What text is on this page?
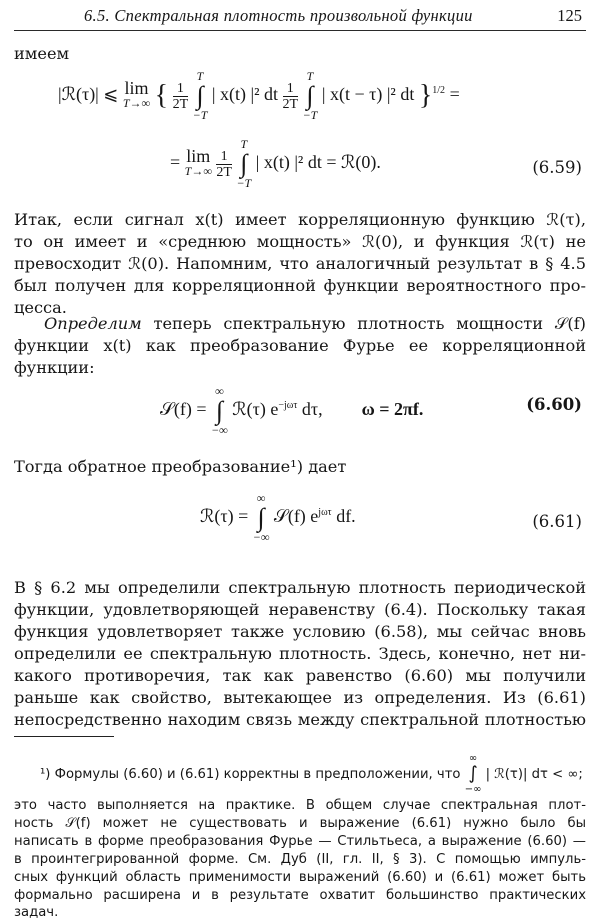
6.5. Спектральная плотность произвольной функции	125
имеем
|ℛ(τ)| ⩽ lim
T→∞ { $\frac{1}{2T}$
T
∫
−T | x(t) |² dt $\frac{1}{2T}$
T
∫
−T | x(t − τ) |² dt }$^{1/2}$ =
= lim
T→∞
$\frac{1}{2T}$
T
∫
−T | x(t) |² dt = ℛ(0).	(6.59)
Итак, если сигнал x(t) имеет корреляционную функцию ℛ(τ),
то он имеет и «среднюю мощность» ℛ(0), и функция ℛ(τ) не
превосходит ℛ(0). Напомним, что аналогичный результат в § 4.5
был получен для корреляционной функции вероятностного про-
цесса.
Определим теперь спектральную плотность мощности 𝒮(f)
функции x(t) как преобразование Фурье ее корреляционной
функции:
𝒮(f) = ∞
∫
−∞ ℛ(τ) $e^{-j\omega\tau}$ dτ, ω = 2πf.	(6.60)
Тогда обратное преобразование¹) дает
ℛ(τ) = ∞
∫
−∞ 𝒮(f) $e^{j\omega\tau}$ df.	(6.61)
В § 6.2 мы определили спектральную плотность периодической
функции, удовлетворяющей неравенству (6.4). Поскольку такая
функция удовлетворяет также условию (6.58), мы сейчас вновь
определили ее спектральную плотность. Здесь, конечно, нет ни-
какого противоречия, так как равенство (6.60) мы получили
раньше как свойство, вытекающее из определения. Из (6.61)
непосредственно находим связь между спектральной плотностью
¹) Формулы (6.60) и (6.61) корректны в предположении, что ∞
∫
−∞ | ℛ(τ)| dτ < ∞;
это часто выполняется на практике. В общем случае спектральная плот-
ность 𝒮(f) может не существовать и выражение (6.61) нужно было бы
написать в форме преобразования Фурье — Стильтьеса, а выражение (6.60) —
в проинтегрированной форме. См. Дуб (II, гл. II, § 3). С помощью импуль-
сных функций область применимости выражений (6.60) и (6.61) может быть
формально расширена и в результате охватит большинство практических
задач.
